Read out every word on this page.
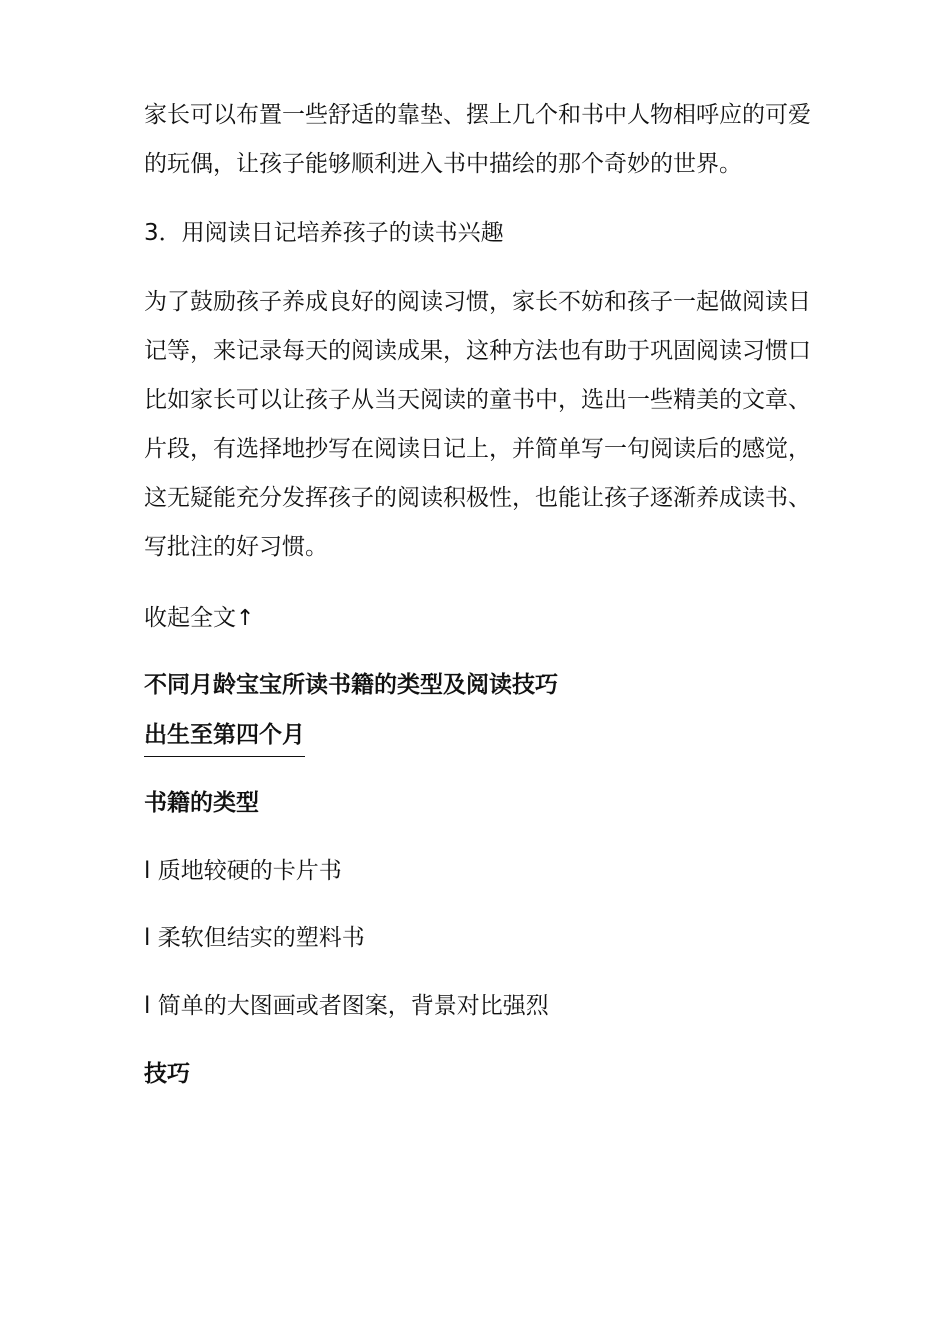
家长可以布置一些舒适的靠垫、摆上几个和书中人物相呼应的可爱的玩偶，让孩子能够顺利进入书中描绘的那个奇妙的世界。

3．用阅读日记培养孩子的读书兴趣

为了鼓励孩子养成良好的阅读习惯，家长不妨和孩子一起做阅读日记等，来记录每天的阅读成果，这种方法也有助于巩固阅读习惯口比如家长可以让孩子从当天阅读的童书中，选出一些精美的文章、片段，有选择地抄写在阅读日记上，并简单写一句阅读后的感觉，这无疑能充分发挥孩子的阅读积极性，也能让孩子逐渐养成读书、写批注的好习惯。

收起全文↑
不同月龄宝宝所读书籍的类型及阅读技巧
出生至第四个月
书籍的类型
l 质地较硬的卡片书
l 柔软但结实的塑料书
l 简单的大图画或者图案，背景对比强烈
技巧
